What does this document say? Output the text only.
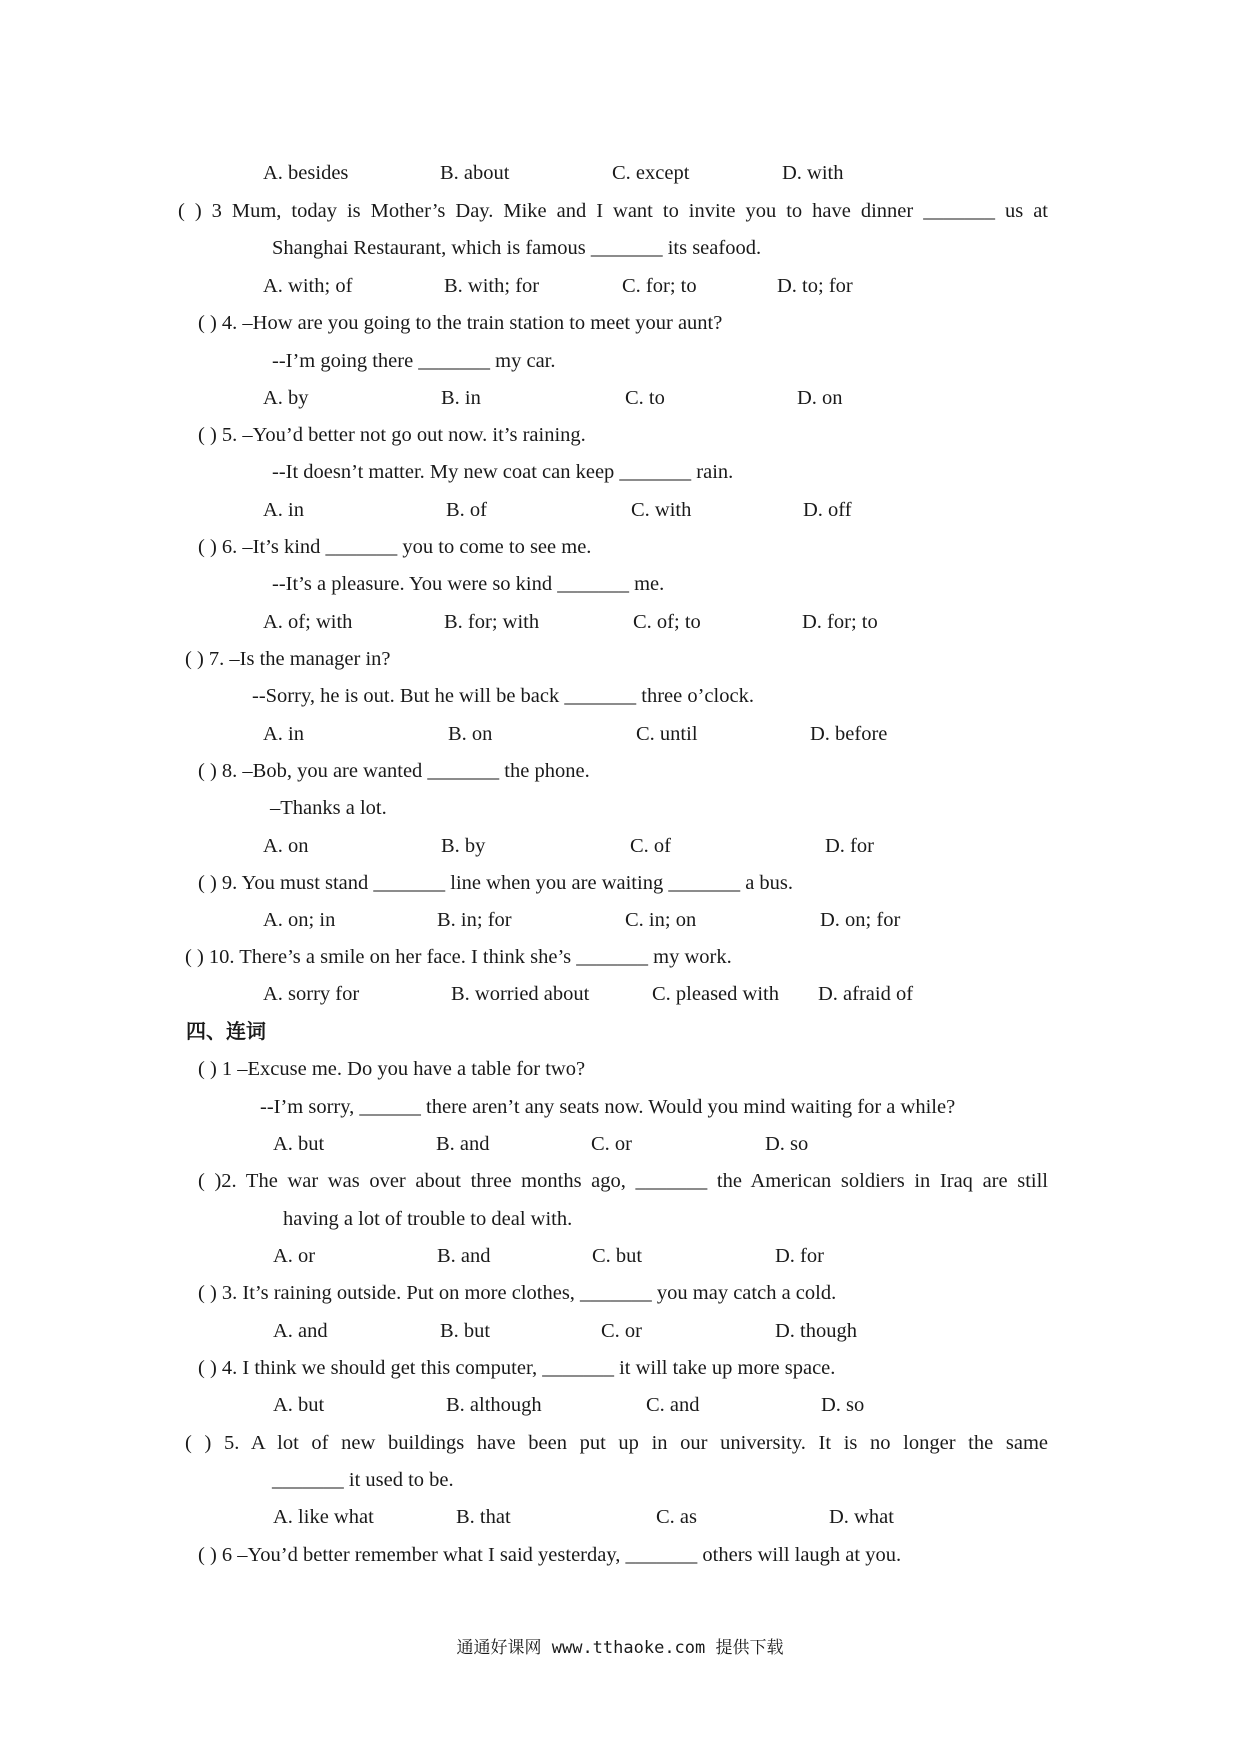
A. besides	B. about	C. except	D. with
( ) 3 Mum, today is Mother’s Day. Mike and I want to invite you to have dinner _______ us at
Shanghai Restaurant, which is famous _______ its seafood.
A. with; of	B. with; for	C. for; to	D. to; for
( ) 4. –How are you going to the train station to meet your aunt?
--I’m going there _______ my car.
A. by	B. in	C. to	D. on
( ) 5. –You’d better not go out now. it’s raining.
--It doesn’t matter. My new coat can keep _______ rain.
A. in	B. of	C. with	D. off
( ) 6. –It’s kind _______ you to come to see me.
--It’s a pleasure. You were so kind _______ me.
A. of; with	B. for; with	C. of; to	D. for; to
( ) 7. –Is the manager in?
--Sorry, he is out. But he will be back _______ three o’clock.
A. in	B. on	C. until	D. before
( ) 8. –Bob, you are wanted _______ the phone.
–Thanks a lot.
A. on	B. by	C. of	D. for
( ) 9. You must stand _______ line when you are waiting _______ a bus.
A. on; in	B. in; for	C. in; on	D. on; for
( ) 10. There’s a smile on her face. I think she’s _______ my work.
A. sorry for	B. worried about	C. pleased with D. afraid of
四、连词
( ) 1 –Excuse me. Do you have a table for two?
--I’m sorry, ______ there aren’t any seats now. Would you mind waiting for a while?
A. but	B. and	C. or	D. so
( )2. The war was over about three months ago, _______ the American soldiers in Iraq are still
having a lot of trouble to deal with.
A. or	B. and	C. but	D. for
( ) 3. It’s raining outside. Put on more clothes, _______ you may catch a cold.
A. and	B. but	C. or	D. though
( ) 4. I think we should get this computer, _______ it will take up more space.
A. but	B. although	C. and	D. so
( ) 5. A lot of new buildings have been put up in our university. It is no longer the same
_______ it used to be.
A. like what	B. that	C. as	D. what
( ) 6 –You’d better remember what I said yesterday, _______ others will laugh at you.
通通好课网 www.tthaoke.com 提供下载
